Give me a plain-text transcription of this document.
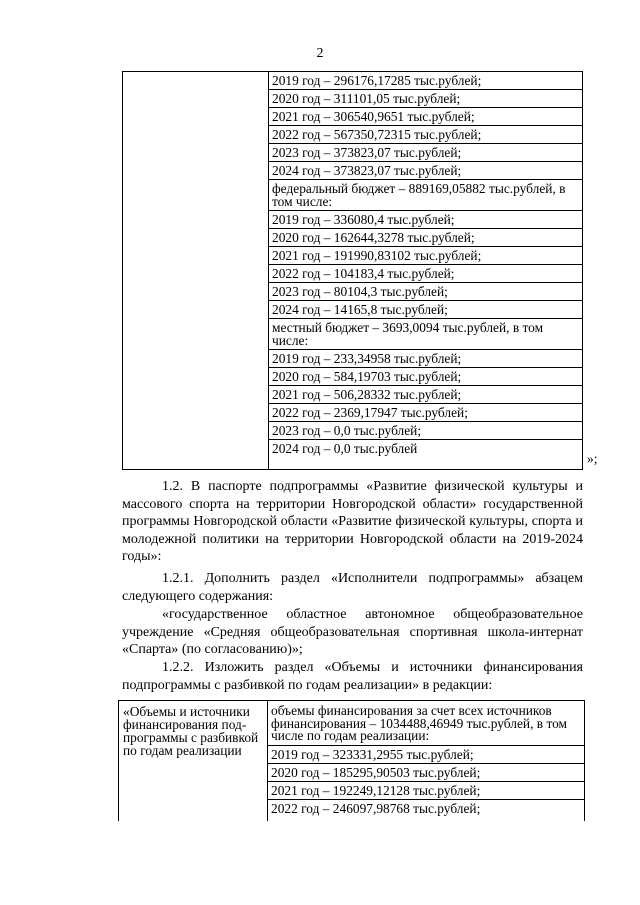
2
2019 год – 296176,17285 тыс.рублей;
2020 год – 311101,05 тыс.рублей;
2021 год – 306540,9651 тыс.рублей;
2022 год – 567350,72315 тыс.рублей;
2023 год – 373823,07 тыс.рублей;
2024 год – 373823,07 тыс.рублей;
федеральный бюджет – 889169,05882 тыс.рублей, в том числе:
2019 год – 336080,4 тыс.рублей;
2020 год – 162644,3278 тыс.рублей;
2021 год – 191990,83102 тыс.рублей;
2022 год – 104183,4 тыс.рублей;
2023 год – 80104,3 тыс.рублей;
2024 год – 14165,8 тыс.рублей;
местный бюджет – 3693,0094 тыс.рублей, в том числе:
2019 год – 233,34958 тыс.рублей;
2020 год – 584,19703 тыс.рублей;
2021 год – 506,28332 тыс.рублей;
2022 год – 2369,17947 тыс.рублей;
2023 год – 0,0 тыс.рублей;
2024 год – 0,0 тыс.рублей
»;
1.2. В паспорте подпрограммы «Развитие физической культуры и массового спорта на территории Новгородской области» государственной программы Новгородской области «Развитие физической культуры, спорта и молодежной политики на территории Новгородской области на 2019-2024 годы»:
1.2.1. Дополнить раздел «Исполнители подпрограммы» абзацем следующего содержания:
«государственное областное автономное общеобразовательное учреждение «Средняя общеобразовательная спортивная школа-интернат «Спарта» (по согласованию)»;
1.2.2. Изложить раздел «Объемы и источники финансирования подпрограммы с разбивкой по годам реализации» в редакции:
«Объемы и источники финансирования под-программы с разбивкой по годам реализации
объемы финансирования за счет всех источников финансирования – 1034488,46949 тыс.рублей, в том числе по годам реализации:
2019 год – 323331,2955 тыс.рублей;
2020 год – 185295,90503 тыс.рублей;
2021 год – 192249,12128 тыс.рублей;
2022 год – 246097,98768 тыс.рублей;
